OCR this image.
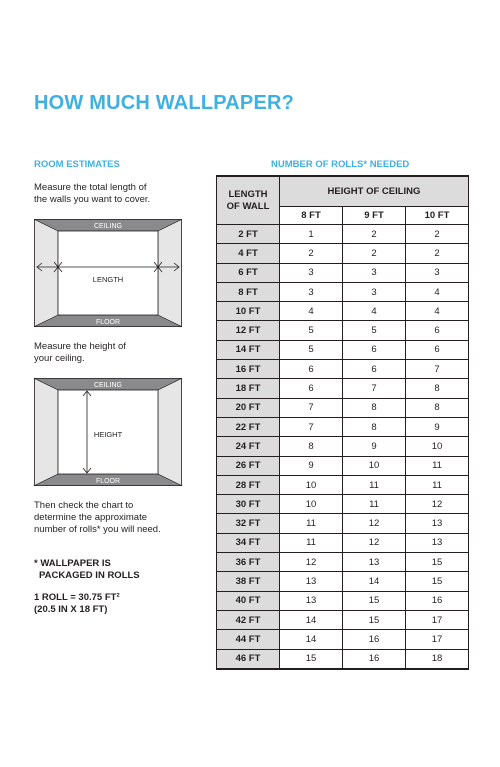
HOW MUCH WALLPAPER?
ROOM ESTIMATES

Measure the total length of
the walls you want to cover.

CEILING
LENGTH
FLOOR

Measure the height of
your ceiling.

CEILING
HEIGHT
FLOOR

Then check the chart to
determine the approximate
number of rolls* you will need.

* WALLPAPER IS
PACKAGED IN ROLLS

1 ROLL = 30.75 FT²
(20.5 IN X 18 FT)

NUMBER OF ROLLS* NEEDED
LENGTH
OF WALL	HEIGHT OF CEILING		
	8 FT	9 FT	10 FT
2 FT	1	2	2
4 FT	2	2	2
6 FT	3	3	3
8 FT	3	3	4
10 FT	4	4	4
12 FT	5	5	6
14 FT	5	6	6
16 FT	6	6	7
18 FT	6	7	8
20 FT	7	8	8
22 FT	7	8	9
24 FT	8	9	10
26 FT	9	10	11
28 FT	10	11	11
30 FT	10	11	12
32 FT	11	12	13
34 FT	11	12	13
36 FT	12	13	15
38 FT	13	14	15
40 FT	13	15	16
42 FT	14	15	17
44 FT	14	16	17
46 FT	15	16	18
